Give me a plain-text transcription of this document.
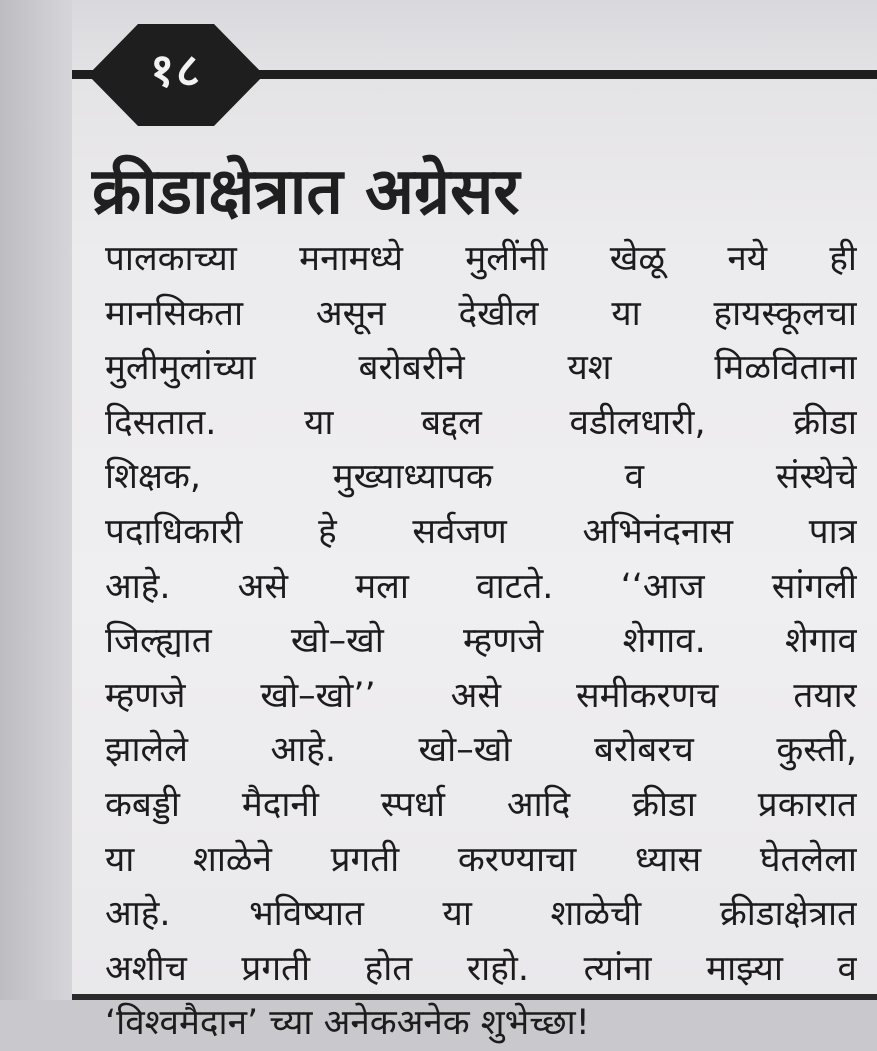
१८
क्रीडाक्षेत्रात अग्रेसर
पालकाच्या मनामध्ये मुलींनी खेळू नये ही
मानसिकता असून देखील या हायस्कूलचा
मुलीमुलांच्या बरोबरीने यश मिळविताना
दिसतात. या बद्दल वडीलधारी, क्रीडा
शिक्षक, मुख्याध्यापक व संस्थेचे
पदाधिकारी हे सर्वजण अभिनंदनास पात्र
आहे. असे मला वाटते. ‘‘आज सांगली
जिल्ह्यात खो–खो म्हणजे शेगाव. शेगाव
म्हणजे खो–खो’’ असे समीकरणच तयार
झालेले आहे. खो–खो बरोबरच कुस्ती,
कबड्डी मैदानी स्पर्धा आदि क्रीडा प्रकारात
या शाळेने प्रगती करण्याचा ध्यास घेतलेला
आहे. भविष्यात या शाळेची क्रीडाक्षेत्रात
अशीच प्रगती होत राहो. त्यांना माझ्या व
‘विश्वमैदान’ च्या अनेकअनेक शुभेच्छा!
